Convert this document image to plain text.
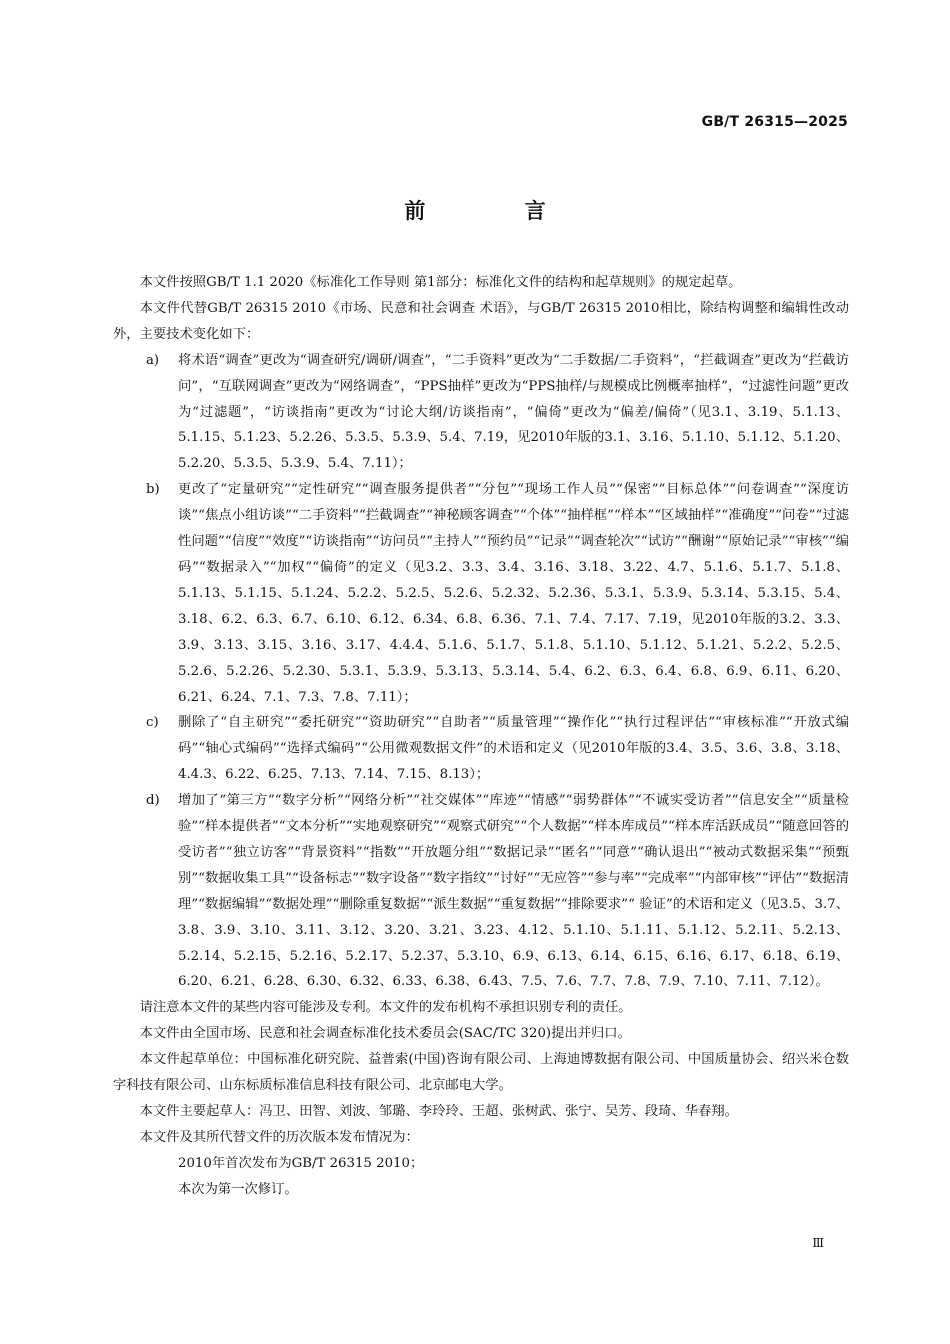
GB/T 26315—2025
前 言

本文件按照GB/T 1.1 2020《标准化工作导则 第1部分：标准化文件的结构和起草规则》的规定起草。

本文件代替GB/T 26315 2010《市场、民意和社会调查 术语》，与GB/T 26315 2010相比，除结构调整和编辑性改动外，主要技术变化如下：

a)	将术语“调查”更改为“调查研究/调研/调查”，“二手资料”更改为“二手数据/二手资料”，“拦截调查”更改为“拦截访问”，“互联网调查”更改为“网络调查”，“PPS抽样”更改为“PPS抽样/与规模成比例概率抽样”，“过滤性问题”更改为“过滤题”，“访谈指南”更改为“讨论大纲/访谈指南”，“偏倚”更改为“偏差/偏倚”（见3.1、3.19、5.1.13、5.1.15、5.1.23、5.2.26、5.3.5、5.3.9、5.4、7.19，见2010年版的3.1、3.16、5.1.10、5.1.12、5.1.20、5.2.20、5.3.5、5.3.9、5.4、7.11）；
b)	更改了“定量研究”“定性研究”“调查服务提供者”“分包”“现场工作人员”“保密”“目标总体”“问卷调查”“深度访谈”“焦点小组访谈”“二手资料”“拦截调查”“神秘顾客调查”“个体”“抽样框”“样本”“区域抽样”“准确度”“问卷”“过滤性问题”“信度”“效度”“访谈指南”“访问员”“主持人”“预约员”“记录”“调查轮次”“试访”“酬谢”“原始记录”“审核”“编码”“数据录入”“加权”“偏倚”的定义（见3.2、3.3、3.4、3.16、3.18、3.22、4.7、5.1.6、5.1.7、5.1.8、5.1.13、5.1.15、5.1.24、5.2.2、5.2.5、5.2.6、5.2.32、5.2.36、5.3.1、5.3.9、5.3.14、5.3.15、5.4、3.18、6.2、6.3、6.7、6.10、6.12、6.34、6.8、6.36、7.1、7.4、7.17、7.19，见2010年版的3.2、3.3、3.9、3.13、3.15、3.16、3.17、4.4.4、5.1.6、5.1.7、5.1.8、5.1.10、5.1.12、5.1.21、5.2.2、5.2.5、5.2.6、5.2.26、5.2.30、5.3.1、5.3.9、5.3.13、5.3.14、5.4、6.2、6.3、6.4、6.8、6.9、6.11、6.20、6.21、6.24、7.1、7.3、7.8、7.11）；
c)	删除了“自主研究”“委托研究”“资助研究”“自助者”“质量管理”“操作化”“执行过程评估”“审核标准”“开放式编码”“轴心式编码”“选择式编码”“公用微观数据文件”的术语和定义（见2010年版的3.4、3.5、3.6、3.8、3.18、4.4.3、6.22、6.25、7.13、7.14、7.15、8.13）；
d)	增加了“第三方”“数字分析”“网络分析”“社交媒体”“库迹”“情感”“弱势群体”“不诚实受访者”“信息安全”“质量检验”“样本提供者”“文本分析”“实地观察研究”“观察式研究”“个人数据”“样本库成员”“样本库活跃成员”“随意回答的受访者”“独立访客”“背景资料”“指数”“开放题分组”“数据记录”“匿名”“同意”“确认退出”“被动式数据采集”“预甄别”“数据收集工具”“设备标志”“数字设备”“数字指纹”“讨好”“无应答”“参与率”“完成率”“内部审核”“评估”“数据清理”“数据编辑”“数据处理”“删除重复数据”“派生数据”“重复数据”“排除要求”“ 验证”的术语和定义（见3.5、3.7、3.8、3.9、3.10、3.11、3.12、3.20、3.21、3.23、4.12、5.1.10、5.1.11、5.1.12、5.2.11、5.2.13、5.2.14、5.2.15、5.2.16、5.2.17、5.2.37、5.3.10、6.9、6.13、6.14、6.15、6.16、6.17、6.18、6.19、6.20、6.21、6.28、6.30、6.32、6.33、6.38、6.43、7.5、7.6、7.7、7.8、7.9、7.10、7.11、7.12）。

请注意本文件的某些内容可能涉及专利。本文件的发布机构不承担识别专利的责任。

本文件由全国市场、民意和社会调查标准化技术委员会(SAC/TC 320)提出并归口。

本文件起草单位：中国标准化研究院、益普索(中国)咨询有限公司、上海迪博数据有限公司、中国质量协会、绍兴米仓数字科技有限公司、山东标质标准信息科技有限公司、北京邮电大学。

本文件主要起草人：冯卫、田智、刘波、邹璐、李玲玲、王超、张树武、张宁、吴芳、段琦、华春翔。

本文件及其所代替文件的历次版本发布情况为：

2010年首次发布为GB/T 26315 2010；

本次为第一次修订。

Ⅲ
